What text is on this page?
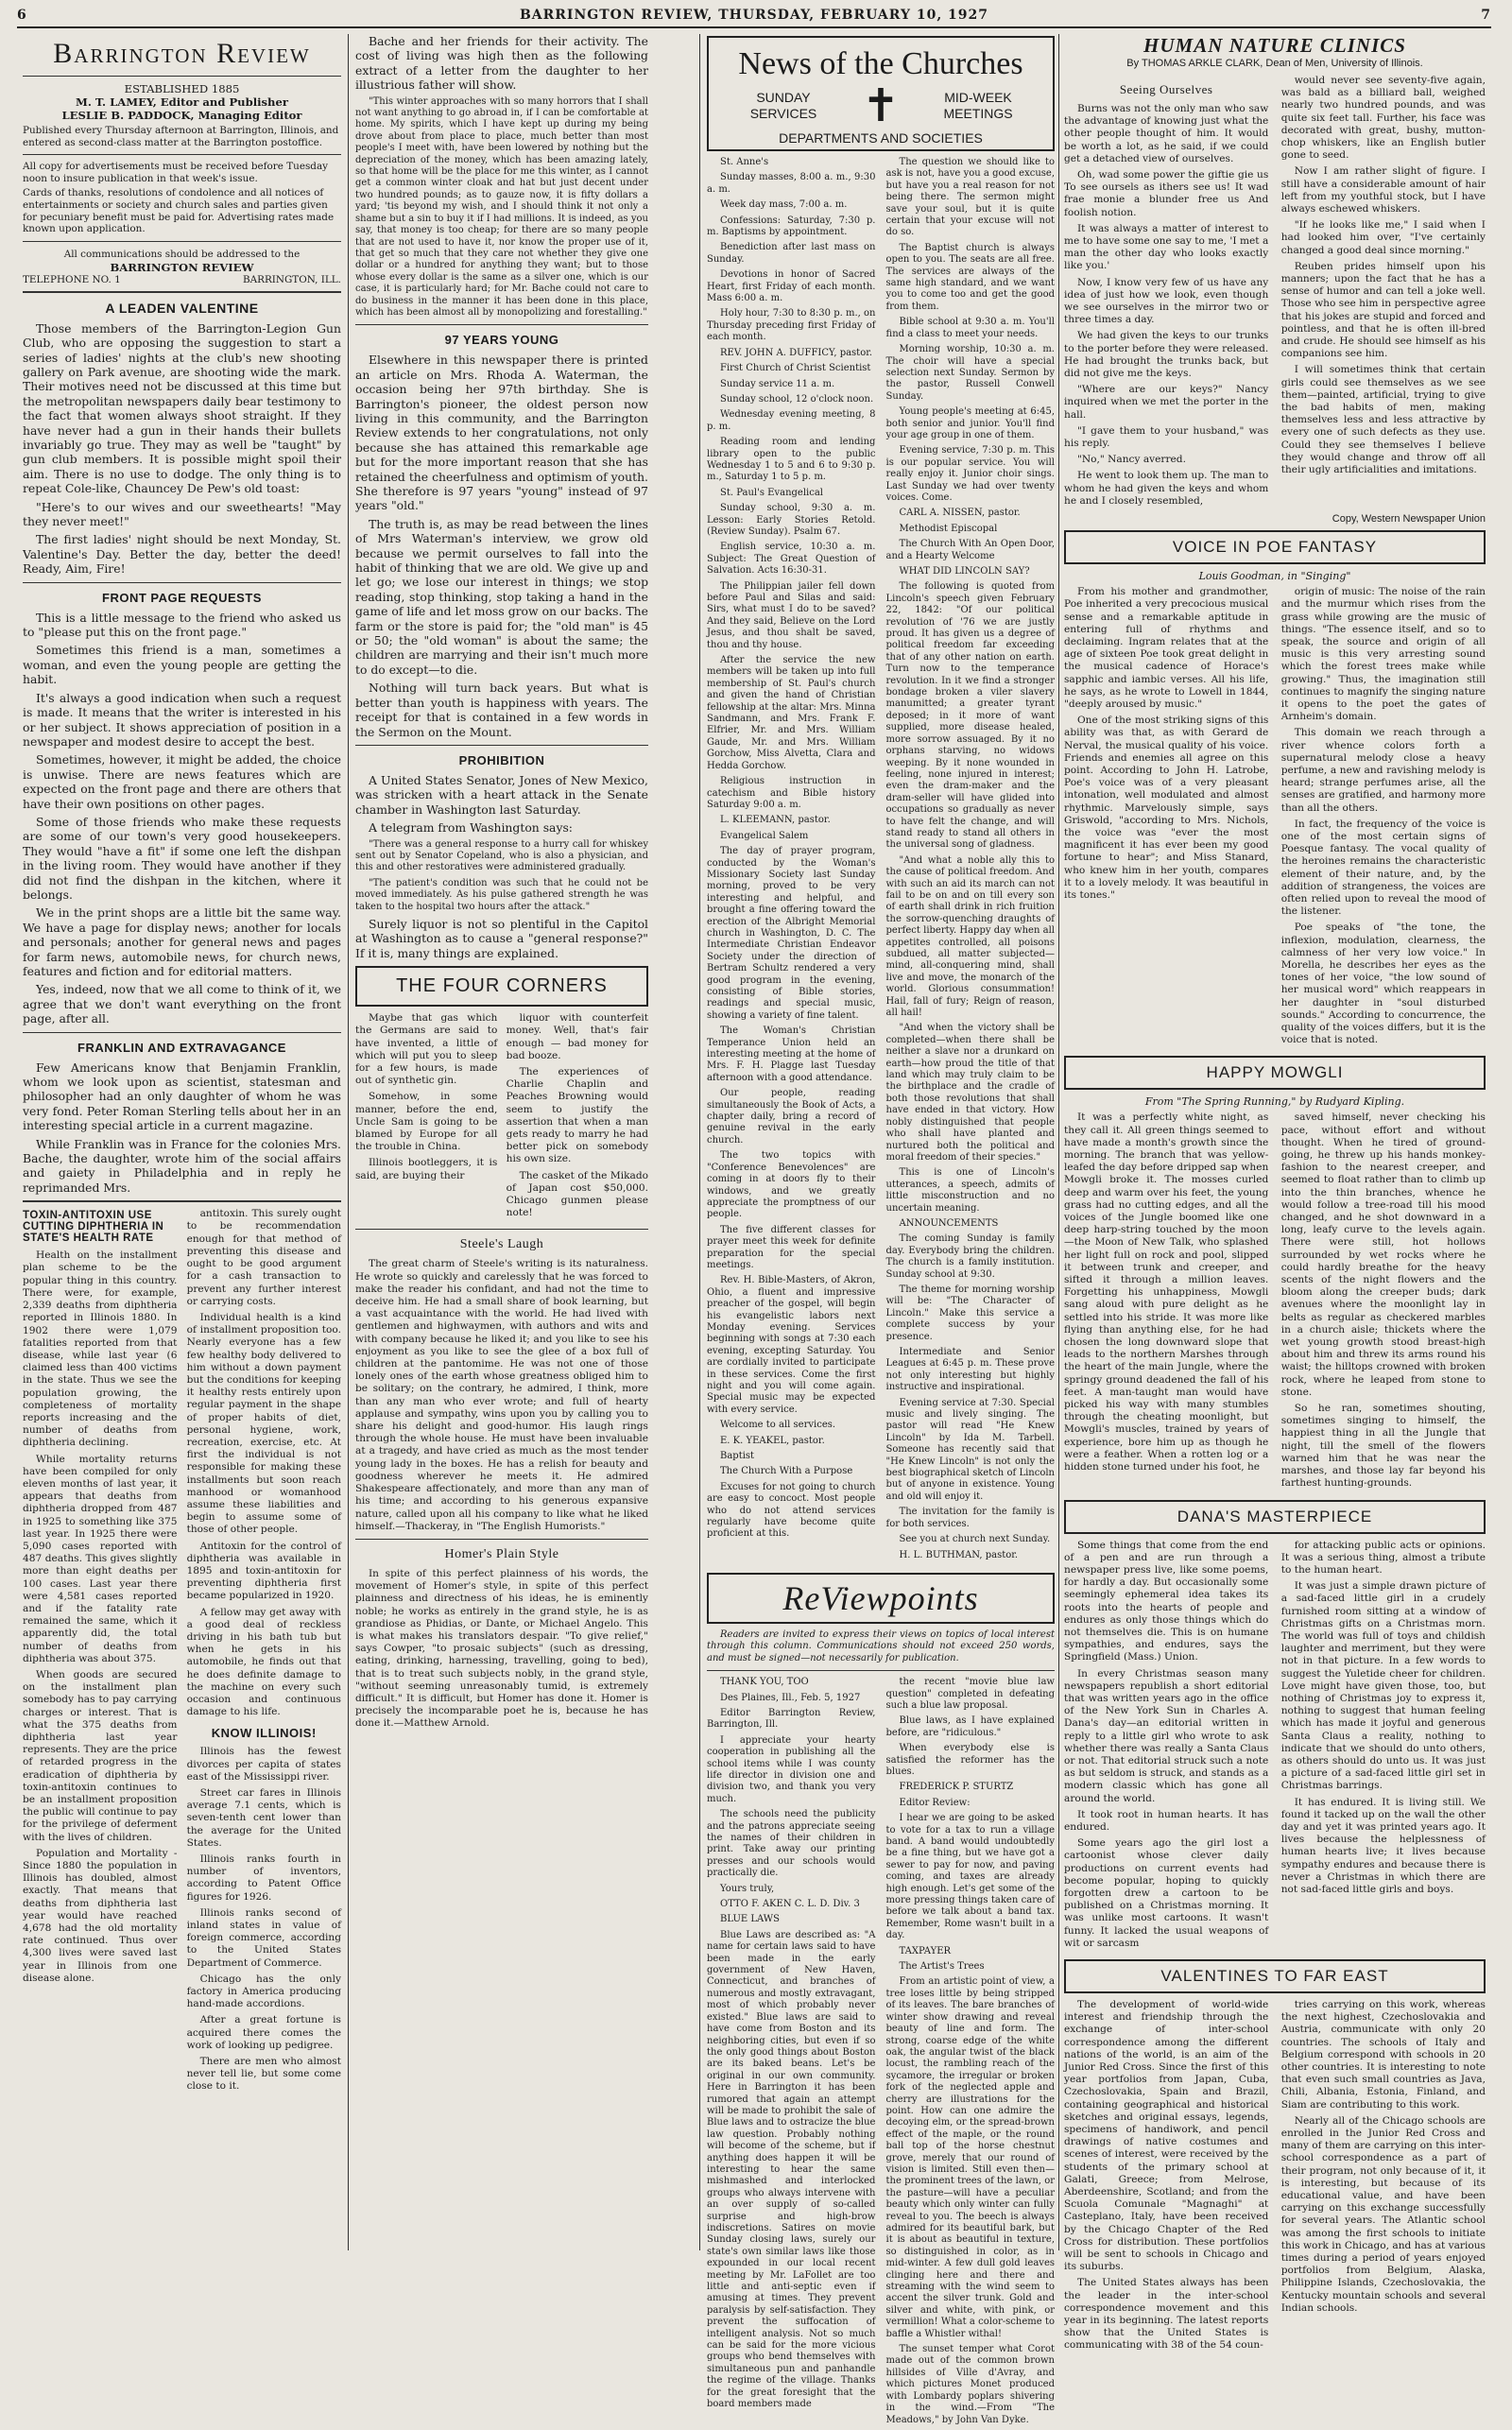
6	BARRINGTON REVIEW, THURSDAY, FEBRUARY 10, 1927	7
Barrington Review

ESTABLISHED 1885

M. T. LAMEY, Editor and Publisher

LESLIE B. PADDOCK, Managing Editor

Published every Thursday afternoon at Barrington, Illinois, and entered as second-class matter at the Barrington postoffice.

All copy for advertisements must be received before Tuesday noon to insure publication in that week's issue.

Cards of thanks, resolutions of condolence and all notices of entertainments or society and church sales and parties given for pecuniary benefit must be paid for. Advertising rates made known upon application.

All communications should be addressed to the

BARRINGTON REVIEW

TELEPHONE NO. 1	BARRINGTON, ILL.
A LEADEN VALENTINE

Those members of the Barrington-Legion Gun Club, who are opposing the suggestion to start a series of ladies' nights at the club's new shooting gallery on Park avenue, are shooting wide the mark. Their motives need not be discussed at this time but the metropolitan newspapers daily bear testimony to the fact that women always shoot straight. If they have never had a gun in their hands their bullets invariably go true. They may as well be "taught" by gun club members. It is possible might spoil their aim. There is no use to dodge. The only thing is to repeat Cole-like, Chauncey De Pew's old toast:

"Here's to our wives and our sweethearts! "May they never meet!"

The first ladies' night should be next Monday, St. Valentine's Day. Better the day, better the deed! Ready, Aim, Fire!

FRONT PAGE REQUESTS

This is a little message to the friend who asked us to "please put this on the front page."

Sometimes this friend is a man, sometimes a woman, and even the young people are getting the habit.

It's always a good indication when such a request is made. It means that the writer is interested in his or her subject. It shows appreciation of position in a newspaper and modest desire to accept the best.

Sometimes, however, it might be added, the choice is unwise. There are news features which are expected on the front page and there are others that have their own positions on other pages.

Some of those friends who make these requests are some of our town's very good housekeepers. They would "have a fit" if some one left the dishpan in the living room. They would have another if they did not find the dishpan in the kitchen, where it belongs.

We in the print shops are a little bit the same way. We have a page for display news; another for locals and personals; another for general news and pages for farm news, automobile news, for church news, features and fiction and for editorial matters.

Yes, indeed, now that we all come to think of it, we agree that we don't want everything on the front page, after all.

FRANKLIN AND EXTRAVAGANCE

Few Americans know that Benjamin Franklin, whom we look upon as scientist, statesman and philosopher had an only daughter of whom he was very fond. Peter Roman Sterling tells about her in an interesting special article in a current magazine.

While Franklin was in France for the colonies Mrs. Bache, the daughter, wrote him of the social affairs and gaiety in Philadelphia and in reply he reprimanded Mrs.

TOXIN-ANTITOXIN USE CUTTING DIPHTHERIA IN STATE'S HEALTH RATE

Health on the installment plan scheme to be the popular thing in this country. There were, for example, 2,339 deaths from diphtheria reported in Illinois 1880. In 1902 there were 1,079 fatalities reported from that disease, while last year (6 claimed less than 400 victims in the state. Thus we see the population growing, the completeness of mortality reports increasing and the number of deaths from diphtheria declining.

While mortality returns have been compiled for only eleven months of last year, it appears that deaths from diphtheria dropped from 487 in 1925 to something like 375 last year. In 1925 there were 5,090 cases reported with 487 deaths. This gives slightly more than eight deaths per 100 cases. Last year there were 4,581 cases reported and if the fatality rate remained the same, which it apparently did, the total number of deaths from diphtheria was about 375.

When goods are secured on the installment plan somebody has to pay carrying charges or interest. That is what the 375 deaths from diphtheria last year represents. They are the price of retarded progress in the eradication of diphtheria by toxin-antitoxin continues to be an installment proposition the public will continue to pay for the privilege of deferment with the lives of children.

Population and Mortality - Since 1880 the population in Illinois has doubled, almost exactly. That means that deaths from diphtheria last year would have reached 4,678 had the old mortality rate continued. Thus over 4,300 lives were saved last year in Illinois from one disease alone.

antitoxin. This surely ought to be recommendation enough for that method of preventing this disease and ought to be good argument for a cash transaction to prevent any further interest or carrying costs.

Individual health is a kind of installment proposition too. Nearly everyone has a few few healthy body delivered to him without a down payment but the conditions for keeping it healthy rests entirely upon regular payment in the shape of proper habits of diet, personal hygiene, work, recreation, exercise, etc. At first the individual is not responsible for making these installments but soon reach manhood or womanhood assume these liabilities and begin to assume some of those of other people.

Antitoxin for the control of diphtheria was available in 1895 and toxin-antitoxin for preventing diphtheria first became popularized in 1920.

A fellow may get away with a good deal of reckless driving in his bath tub but when he gets in his automobile, he finds out that he does definite damage to the machine on every such occasion and continuous damage to his life.

KNOW ILLINOIS!

Illinois has the fewest divorces per capita of states east of the Mississippi river.

Street car fares in Illinois average 7.1 cents, which is seven-tenth cent lower than the average for the United States.

Illinois ranks fourth in number of inventors, according to Patent Office figures for 1926.

Illinois ranks second of inland states in value of foreign commerce, according to the United States Department of Commerce.

Chicago has the only factory in America producing hand-made accordions.

After a great fortune is acquired there comes the work of looking up pedigree.

There are men who almost never tell lie, but some come close to it.

Bache and her friends for their activity. The cost of living was high then as the following extract of a letter from the daughter to her illustrious father will show.

"This winter approaches with so many horrors that I shall not want anything to go abroad in, if I can be comfortable at home. My spirits, which I have kept up during my being drove about from place to place, much better than most people's I meet with, have been lowered by nothing but the depreciation of the money, which has been amazing lately, so that home will be the place for me this winter, as I cannot get a common winter cloak and hat but just decent under two hundred pounds; as to gauze now, it is fifty dollars a yard; 'tis beyond my wish, and I should think it not only a shame but a sin to buy it if I had millions. It is indeed, as you say, that money is too cheap; for there are so many people that are not used to have it, nor know the proper use of it, that get so much that they care not whether they give one dollar or a hundred for anything they want; but to those whose every dollar is the same as a silver one, which is our case, it is particularly hard; for Mr. Bache could not care to do business in the manner it has been done in this place, which has been almost all by monopolizing and forestalling."

97 YEARS YOUNG

Elsewhere in this newspaper there is printed an article on Mrs. Rhoda A. Waterman, the occasion being her 97th birthday. She is Barrington's pioneer, the oldest person now living in this community, and the Barrington Review extends to her congratulations, not only because she has attained this remarkable age but for the more important reason that she has retained the cheerfulness and optimism of youth. She therefore is 97 years "young" instead of 97 years "old."

The truth is, as may be read between the lines of Mrs Waterman's interview, we grow old because we permit ourselves to fall into the habit of thinking that we are old. We give up and let go; we lose our interest in things; we stop reading, stop thinking, stop taking a hand in the game of life and let moss grow on our backs. The farm or the store is paid for; the "old man" is 45 or 50; the "old woman" is about the same; the children are marrying and their isn't much more to do except—to die.

Nothing will turn back years. But what is better than youth is happiness with years. The receipt for that is contained in a few words in the Sermon on the Mount.

PROHIBITION

A United States Senator, Jones of New Mexico, was stricken with a heart attack in the Senate chamber in Washington last Saturday.

A telegram from Washington says:

"There was a general response to a hurry call for whiskey sent out by Senator Copeland, who is also a physician, and this and other restoratives were administered gradually.

"The patient's condition was such that he could not be moved immediately. As his pulse gathered strength he was taken to the hospital two hours after the attack."

Surely liquor is not so plentiful in the Capitol at Washington as to cause a "general response?" If it is, many things are explained.

THE FOUR CORNERS

Maybe that gas which the Germans are said to have invented, a little of which will put you to sleep for a few hours, is made out of synthetic gin.

Somehow, in some manner, before the end, Uncle Sam is going to be blamed by Europe for all the trouble in China.

Illinois bootleggers, it is said, are buying their

liquor with counterfeit money. Well, that's fair enough — bad money for bad booze.

The experiences of Charlie Chaplin and Peaches Browning would seem to justify the assertion that when a man gets ready to marry he had better pick on somebody his own size.

The casket of the Mikado of Japan cost $50,000. Chicago gunmen please note!

Steele's Laugh

The great charm of Steele's writing is its naturalness. He wrote so quickly and carelessly that he was forced to make the reader his confidant, and had not the time to deceive him. He had a small share of book learning, but a vast acquaintance with the world. He had lived with gentlemen and highwaymen, with authors and wits and with company because he liked it; and you like to see his enjoyment as you like to see the glee of a box full of children at the pantomime. He was not one of those lonely ones of the earth whose greatness obliged him to be solitary; on the contrary, he admired, I think, more than any man who ever wrote; and full of hearty applause and sympathy, wins upon you by calling you to share his delight and good-humor. His laugh rings through the whole house. He must have been invaluable at a tragedy, and have cried as much as the most tender young lady in the boxes. He has a relish for beauty and goodness wherever he meets it. He admired Shakespeare affectionately, and more than any man of his time; and according to his generous expansive nature, called upon all his company to like what he liked himself.—Thackeray, in "The English Humorists."

Homer's Plain Style

In spite of this perfect plainness of his words, the movement of Homer's style, in spite of this perfect plainness and directness of his ideas, he is eminently noble; he works as entirely in the grand style, he is as grandiose as Phidias, or Dante, or Michael Angelo. This is what makes his translators despair. "To give relief," says Cowper, "to prosaic subjects" (such as dressing, eating, drinking, harnessing, travelling, going to bed), that is to treat such subjects nobly, in the grand style, "without seeming unreasonably tumid, is extremely difficult." It is difficult, but Homer has done it. Homer is precisely the incomparable poet he is, because he has done it.—Matthew Arnold.

News of the Churches
SUNDAY SERVICES ✝	MID-WEEK MEETINGS
DEPARTMENTS AND SOCIETIES

St. Anne's

Sunday masses, 8:00 a. m., 9:30 a. m.

Week day mass, 7:00 a. m.

Confessions: Saturday, 7:30 p. m. Baptisms by appointment.

Benediction after last mass on Sunday.

Devotions in honor of Sacred Heart, first Friday of each month. Mass 6:00 a. m.

Holy hour, 7:30 to 8:30 p. m., on Thursday preceding first Friday of each month.

REV. JOHN A. DUFFICY, pastor.

First Church of Christ Scientist

Sunday service 11 a. m.

Sunday school, 12 o'clock noon.

Wednesday evening meeting, 8 p. m.

Reading room and lending library open to the public Wednesday 1 to 5 and 6 to 9:30 p. m., Saturday 1 to 5 p. m.

St. Paul's Evangelical

Sunday school, 9:30 a. m. Lesson: Early Stories Retold. (Review Sunday). Psalm 67.

English service, 10:30 a. m. Subject: The Great Question of Salvation. Acts 16:30-31.

The Philippian jailer fell down before Paul and Silas and said: Sirs, what must I do to be saved? And they said, Believe on the Lord Jesus, and thou shalt be saved, thou and thy house.

After the service the new members will be taken up into full membership of St. Paul's church and given the hand of Christian fellowship at the altar: Mrs. Minna Sandmann, and Mrs. Frank F. Elfrier, Mr. and Mrs. William Gaude, Mr. and Mrs. William Gorchow, Miss Alvetta, Clara and Hedda Gorchow.

Religious instruction in catechism and Bible history Saturday 9:00 a. m.

L. KLEEMANN, pastor.

Evangelical Salem

The day of prayer program, conducted by the Woman's Missionary Society last Sunday morning, proved to be very interesting and helpful, and brought a fine offering toward the erection of the Albright Memorial church in Washington, D. C. The Intermediate Christian Endeavor Society under the direction of Bertram Schultz rendered a very good program in the evening, consisting of Bible stories, readings and special music, showing a variety of fine talent.

The Woman's Christian Temperance Union held an interesting meeting at the home of Mrs. F. H. Plagge last Tuesday afternoon with a good attendance.

Our people, reading simultaneously the Book of Acts, a chapter daily, bring a record of genuine revival in the early church.

The two topics with "Conference Benevolences" are coming in at doors fly to their windows, and we greatly appreciate the promptness of our people.

The five different classes for prayer meet this week for definite preparation for the special meetings.

Rev. H. Bible-Masters, of Akron, Ohio, a fluent and impressive preacher of the gospel, will begin his evangelistic labors next Monday evening. Services beginning with songs at 7:30 each evening, excepting Saturday. You are cordially invited to participate in these services. Come the first night and you will come again. Special music may be expected with every service.

Welcome to all services.

E. K. YEAKEL, pastor.

Baptist

The Church With a Purpose

Excuses for not going to church are easy to concoct. Most people who do not attend services regularly have become quite proficient at this.

The question we should like to ask is not, have you a good excuse, but have you a real reason for not being there. The sermon might save your soul, but it is quite certain that your excuse will not do so.

The Baptist church is always open to you. The seats are all free. The services are always of the same high standard, and we want you to come too and get the good from them.

Bible school at 9:30 a. m. You'll find a class to meet your needs.

Morning worship, 10:30 a. m. The choir will have a special selection next Sunday. Sermon by the pastor, Russell Conwell Sunday.

Young people's meeting at 6:45, both senior and junior. You'll find your age group in one of them.

Evening service, 7:30 p. m. This is our popular service. You will really enjoy it. Junior choir sings. Last Sunday we had over twenty voices. Come.

CARL A. NISSEN, pastor.

Methodist Episcopal

The Church With An Open Door, and a Hearty Welcome

WHAT DID LINCOLN SAY?

The following is quoted from Lincoln's speech given February 22, 1842: "Of our political revolution of '76 we are justly proud. It has given us a degree of political freedom far exceeding that of any other nation on earth. Turn now to the temperance revolution. In it we find a stronger bondage broken a viler slavery manumitted; a greater tyrant deposed; in it more of want supplied, more disease healed, more sorrow assuaged. By it no orphans starving, no widows weeping. By it none wounded in feeling, none injured in interest; even the dram-maker and the dram-seller will have glided into occupations so gradually as never to have felt the change, and will stand ready to stand all others in the universal song of gladness.

"And what a noble ally this to the cause of political freedom. And with such an aid its march can not fail to be on and on till every son of earth shall drink in rich fruition the sorrow-quenching draughts of perfect liberty. Happy day when all appetites controlled, all poisons subdued, all matter subjected—mind, all-conquering mind, shall live and move, the monarch of the world. Glorious consummation! Hail, fall of fury; Reign of reason, all hail!

"And when the victory shall be completed—when there shall be neither a slave nor a drunkard on earth—how proud the title of that land which may truly claim to be the birthplace and the cradle of both those revolutions that shall have ended in that victory. How nobly distinguished that people who shall have planted and nurtured both the political and moral freedom of their species."

This is one of Lincoln's utterances, a speech, admits of little misconstruction and no uncertain meaning.

ANNOUNCEMENTS

The coming Sunday is family day. Everybody bring the children. The church is a family institution. Sunday school at 9:30.

The theme for morning worship will be: "The Character of Lincoln." Make this service a complete success by your presence.

Intermediate and Senior Leagues at 6:45 p. m. These prove not only interesting but highly instructive and inspirational.

Evening service at 7:30. Special music and lively singing. The pastor will read "He Knew Lincoln" by Ida M. Tarbell. Someone has recently said that "He Knew Lincoln" is not only the best biographical sketch of Lincoln but of anyone in existence. Young and old will enjoy it.

The invitation for the family is for both services.

See you at church next Sunday.

H. L. BUTHMAN, pastor.

ReViewpoints

Readers are invited to express their views on topics of local interest through this column. Communications should not exceed 250 words, and must be signed—not necessarily for publication.

THANK YOU, TOO

Des Plaines, Ill., Feb. 5, 1927

Editor Barrington Review, Barrington, Ill.

I appreciate your hearty cooperation in publishing all the school items while I was county life director in division one and division two, and thank you very much.

The schools need the publicity and the patrons appreciate seeing the names of their children in print. Take away our printing presses and our schools would practically die.

Yours truly,

OTTO F. AKEN C. L. D. Div. 3

BLUE LAWS

Blue Laws are described as: "A name for certain laws said to have been made in the early government of New Haven, Connecticut, and branches of numerous and mostly extravagant, most of which probably never existed." Blue laws are said to have come from Boston and its neighboring cities, but even if so the only good things about Boston are its baked beans. Let's be original in our own community. Here in Barrington it has been rumored that again an attempt will be made to prohibit the sale of Blue laws and to ostracize the blue law question. Probably nothing will become of the scheme, but if anything does happen it will be interesting to hear the same mishmashed and interlocked groups who always intervene with an over supply of so-called surprise and high-brow indiscretions. Satires on movie Sunday closing laws, surely our state's own similar laws like those expounded in our local recent meeting by Mr. LaFollet are too little and anti-septic even if amusing at times. They prevent paralysis by self-satisfaction. They prevent the suffocation of intelligent analysis. Not so much can be said for the more vicious groups who bend themselves with simultaneous pun and panhandle the regime of the village. Thanks for the great foresight that the board members made

the recent "movie blue law question" completed in defeating such a blue law proposal.

Blue laws, as I have explained before, are "ridiculous."

When everybody else is satisfied the reformer has the blues.

FREDERICK P. STURTZ

Editor Review:

I hear we are going to be asked to vote for a tax to run a village band. A band would undoubtedly be a fine thing, but we have got a sewer to pay for now, and paving coming, and taxes are already high enough. Let's get some of the more pressing things taken care of before we talk about a band tax. Remember, Rome wasn't built in a day.

TAXPAYER

The Artist's Trees

From an artistic point of view, a tree loses little by being stripped of its leaves. The bare branches of winter show drawing and reveal beauty of line and form. The strong, coarse edge of the white oak, the angular twist of the black locust, the rambling reach of the sycamore, the irregular or broken fork of the neglected apple and cherry are illustrations for the point. How can one admire the decoying elm, or the spread-brown effect of the maple, or the round ball top of the horse chestnut grove, merely that our round of vision is limited. Still even then—the prominent trees of the lawn, or the pasture—will have a peculiar beauty which only winter can fully reveal to you. The beech is always admired for its beautiful bark, but it is about as beautiful in texture, so distinguished in color, as in mid-winter. A few dull gold leaves clinging here and there and streaming with the wind seem to accent the silver trunk. Gold and silver and white, with pink, or vermillion! What a color-scheme to baffle a Whistler withal!

The sunset temper what Corot made out of the common brown hillsides of Ville d'Avray, and which pictures Monet produced with Lombardy poplars shivering in the wind.—From "The Meadows," by John Van Dyke.

HUMAN NATURE CLINICS
By THOMAS ARKLE CLARK, Dean of Men, University of Illinois.
Seeing Ourselves

Burns was not the only man who saw the advantage of knowing just what the other people thought of him. It would be worth a lot, as he said, if we could get a detached view of ourselves.

Oh, wad some power the giftie gie us To see oursels as ithers see us! It wad frae monie a blunder free us And foolish notion.

It was always a matter of interest to me to have some one say to me, 'I met a man the other day who looks exactly like you.'

Now, I know very few of us have any idea of just how we look, even though we see ourselves in the mirror two or three times a day.

We had given the keys to our trunks to the porter before they were released. He had brought the trunks back, but did not give me the keys.

"Where are our keys?" Nancy inquired when we met the porter in the hall.

"I gave them to your husband," was his reply.

"No," Nancy averred.

He went to look them up. The man to whom he had given the keys and whom he and I closely resembled,

would never see seventy-five again, was bald as a billiard ball, weighed nearly two hundred pounds, and was quite six feet tall. Further, his face was decorated with great, bushy, mutton-chop whiskers, like an English butler gone to seed.

Now I am rather slight of figure. I still have a considerable amount of hair left from my youthful stock, but I have always eschewed whiskers.

"If he looks like me," I said when I had looked him over, "I've certainly changed a good deal since morning."

Reuben prides himself upon his manners; upon the fact that he has a sense of humor and can tell a joke well. Those who see him in perspective agree that his jokes are stupid and forced and pointless, and that he is often ill-bred and crude. He should see himself as his companions see him.

I will sometimes think that certain girls could see themselves as we see them—painted, artificial, trying to give the bad habits of men, making themselves less and less attractive by every one of such defects as they use. Could they see themselves I believe they would change and throw off all their ugly artificialities and imitations.

Copy, Western Newspaper Union
VOICE IN POE FANTASY
Louis Goodman, in "Singing"

From his mother and grandmother, Poe inherited a very precocious musical sense and a remarkable aptitude in entering full of rhythms and declaiming. Ingram relates that at the age of sixteen Poe took great delight in the musical cadence of Horace's sapphic and iambic verses. All his life, he says, as he wrote to Lowell in 1844, "deeply aroused by music."

One of the most striking signs of this ability was that, as with Gerard de Nerval, the musical quality of his voice. Friends and enemies all agree on this point. According to John H. Latrobe, Poe's voice was of a very pleasant intonation, well modulated and almost rhythmic. Marvelously simple, says Griswold, "according to Mrs. Nichols, the voice was "ever the most magnificent it has ever been my good fortune to hear"; and Miss Stanard, who knew him in her youth, compares it to a lovely melody. It was beautiful in its tones."

origin of music: The noise of the rain and the murmur which rises from the grass while growing are the music of things. "The essence itself, and so to speak, the source and origin of all music is this very arresting sound which the forest trees make while growing." Thus, the imagination still continues to magnify the singing nature it opens to the poet the gates of Arnheim's domain.

This domain we reach through a river whence colors forth a supernatural melody close a heavy perfume, a new and ravishing melody is heard; strange perfumes arise, all the senses are gratified, and harmony more than all the others.

In fact, the frequency of the voice is one of the most certain signs of Poesque fantasy. The vocal quality of the heroines remains the characteristic element of their nature, and, by the addition of strangeness, the voices are often relied upon to reveal the mood of the listener.

Poe speaks of "the tone, the inflexion, modulation, clearness, the calmness of her very low voice." In Morella, he describes her eyes as the tones of her voice, "the low sound of her musical word" which reappears in her daughter in "soul disturbed sounds." According to concurrence, the quality of the voices differs, but it is the voice that is noted.

HAPPY MOWGLI
From "The Spring Running," by Rudyard Kipling.

It was a perfectly white night, as they call it. All green things seemed to have made a month's growth since the morning. The branch that was yellow-leafed the day before dripped sap when Mowgli broke it. The mosses curled deep and warm over his feet, the young grass had no cutting edges, and all the voices of the Jungle boomed like one deep harp-string touched by the moon—the Moon of New Talk, who splashed her light full on rock and pool, slipped it between trunk and creeper, and sifted it through a million leaves. Forgetting his unhappiness, Mowgli sang aloud with pure delight as he settled into his stride. It was more like flying than anything else, for he had chosen the long downward slope that leads to the northern Marshes through the heart of the main Jungle, where the springy ground deadened the fall of his feet. A man-taught man would have picked his way with many stumbles through the cheating moonlight, but Mowgli's muscles, trained by years of experience, bore him up as though he were a feather. When a rotten log or a hidden stone turned under his foot, he

saved himself, never checking his pace, without effort and without thought. When he tired of ground-going, he threw up his hands monkey-fashion to the nearest creeper, and seemed to float rather than to climb up into the thin branches, whence he would follow a tree-road till his mood changed, and he shot downward in a long, leafy curve to the levels again. There were still, hot hollows surrounded by wet rocks where he could hardly breathe for the heavy scents of the night flowers and the bloom along the creeper buds; dark avenues where the moonlight lay in belts as regular as checkered marbles in a church aisle; thickets where the wet young growth stood breast-high about him and threw its arms round his waist; the hilltops crowned with broken rock, where he leaped from stone to stone.

So he ran, sometimes shouting, sometimes singing to himself, the happiest thing in all the Jungle that night, till the smell of the flowers warned him that he was near the marshes, and those lay far beyond his farthest hunting-grounds.

DANA'S MASTERPIECE

Some things that come from the end of a pen and are run through a newspaper press live, like some poems, for hardly a day. But occasionally some seemingly ephemeral idea takes its roots into the hearts of people and endures as only those things which do not themselves die. This is on humane sympathies, and endures, says the Springfield (Mass.) Union.

In every Christmas season many newspapers republish a short editorial that was written years ago in the office of the New York Sun in Charles A. Dana's day—an editorial written in reply to a little girl who wrote to ask whether there was really a Santa Claus or not. That editorial struck such a note as but seldom is struck, and stands as a modern classic which has gone all around the world.

It took root in human hearts. It has endured.

Some years ago the girl lost a cartoonist whose clever daily productions on current events had become popular, hoping to quickly forgotten drew a cartoon to be published on a Christmas morning. It was unlike most cartoons. It wasn't funny. It lacked the usual weapons of wit or sarcasm

for attacking public acts or opinions. It was a serious thing, almost a tribute to the human heart.

It was just a simple drawn picture of a sad-faced little girl in a crudely furnished room sitting at a window of Christmas gifts on a Christmas morn. The world was full of toys and childish laughter and merriment, but they were not in that picture. In a few words to suggest the Yuletide cheer for children. Love might have given those, too, but nothing of Christmas joy to express it, nothing to suggest that human feeling which has made it joyful and generous Santa Claus a reality, nothing to indicate that we should do unto others, as others should do unto us. It was just a picture of a sad-faced little girl set in Christmas barrings.

It has endured. It is living still. We found it tacked up on the wall the other day and yet it was printed years ago. It lives because the helplessness of human hearts live; it lives because sympathy endures and because there is never a Christmas in which there are not sad-faced little girls and boys.

VALENTINES TO FAR EAST

The development of world-wide interest and friendship through the exchange of inter-school correspondence among the different nations of the world, is an aim of the Junior Red Cross. Since the first of this year portfolios from Japan, Cuba, Czechoslovakia, Spain and Brazil, containing geographical and historical sketches and original essays, legends, specimens of handiwork, and pencil drawings of native costumes and scenes of interest, were received by the students of the primary school at Galati, Greece; from Melrose, Aberdeenshire, Scotland; and from the Scuola Comunale "Magnaghi" at Casteplano, Italy, have been received by the Chicago Chapter of the Red Cross for distribution. These portfolios will be sent to schools in Chicago and its suburbs.

The United States always has been the leader in the inter-school correspondence movement and this year in its beginning. The latest reports show that the United States is communicating with 38 of the 54 coun-

tries carrying on this work, whereas the next highest, Czechoslovakia and Austria, communicate with only 20 countries. The schools of Italy and Belgium correspond with schools in 20 other countries. It is interesting to note that even such small countries as Java, Chili, Albania, Estonia, Finland, and Siam are contributing to this work.

Nearly all of the Chicago schools are enrolled in the Junior Red Cross and many of them are carrying on this inter-school correspondence as a part of their program, not only because of it, it is interesting, but because of its educational value, and have been carrying on this exchange successfully for several years. The Atlantic school was among the first schools to initiate this work in Chicago, and has at various times during a period of years enjoyed portfolios from Belgium, Alaska, Philippine Islands, Czechoslovakia, the Kentucky mountain schools and several Indian schools.
